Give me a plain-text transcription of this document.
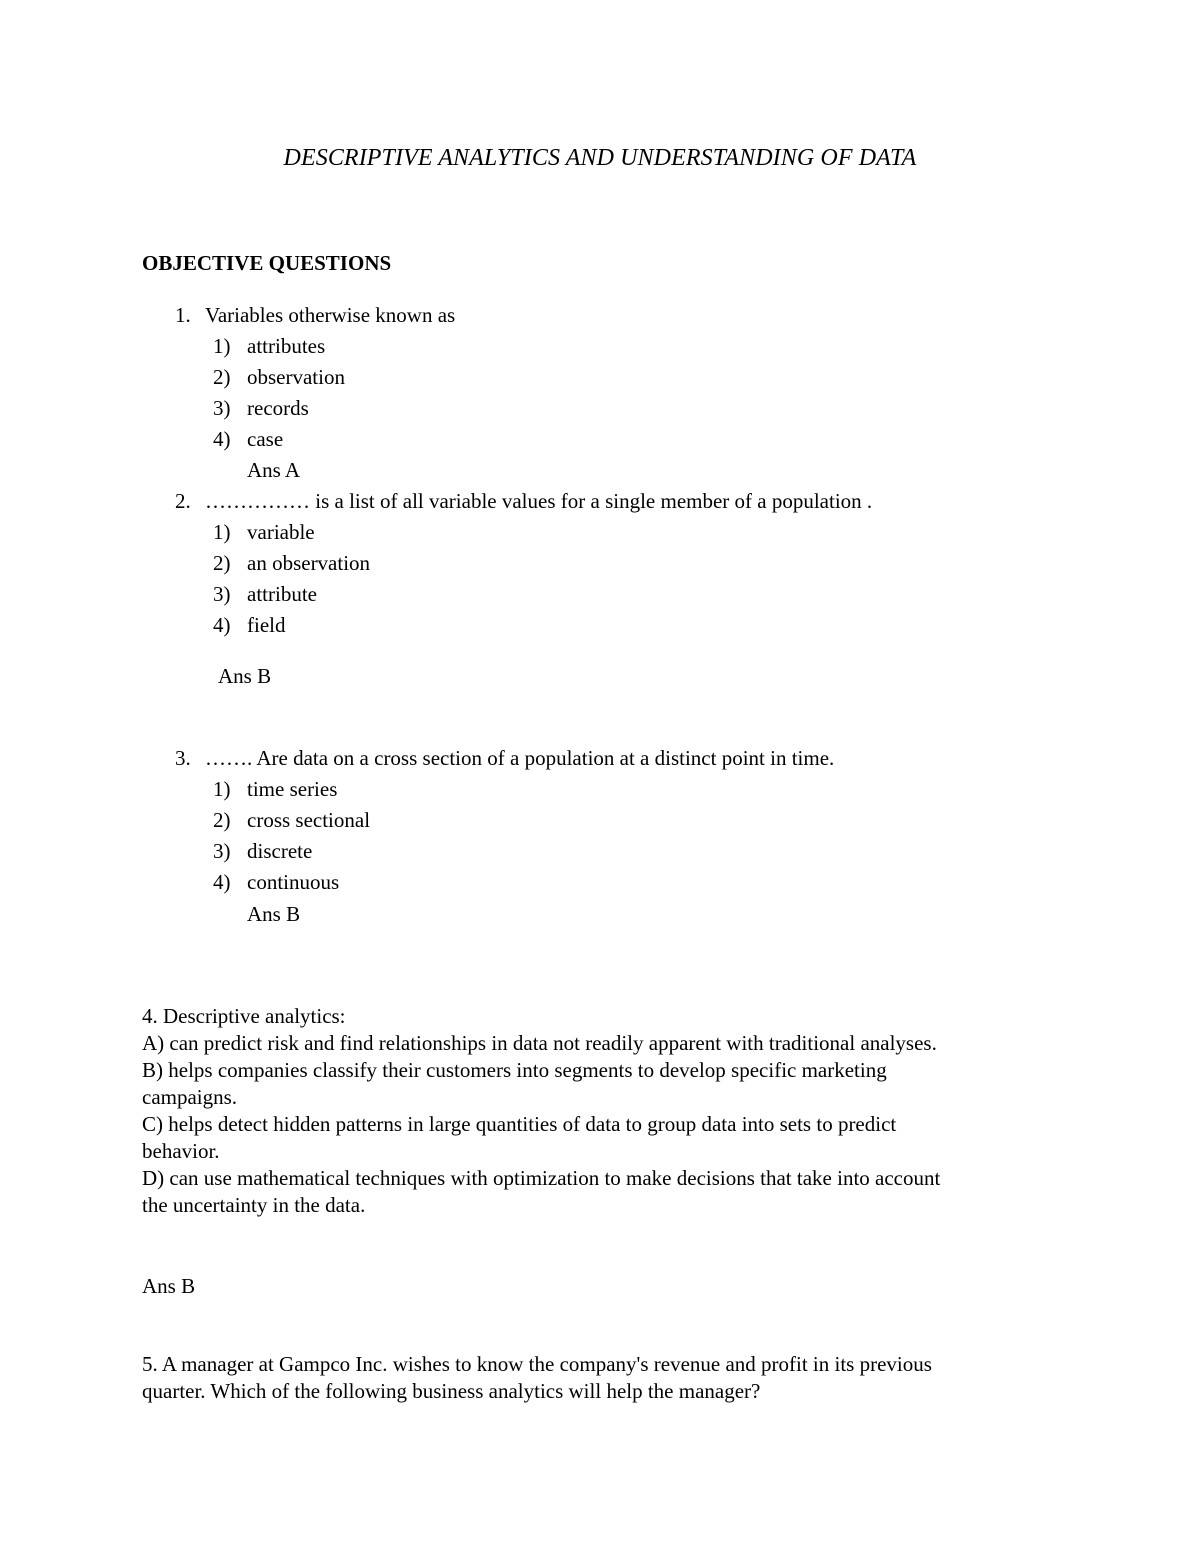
DESCRIPTIVE ANALYTICS AND UNDERSTANDING OF DATA
OBJECTIVE QUESTIONS
1. Variables otherwise known as
1) attributes
2) observation
3) records
4) case
Ans A
2. …………… is a list of all variable values for a single member of a population .
1) variable
2) an observation
3) attribute
4) field
Ans B
3. ……. Are data on a cross section of a population at a distinct point in time.
1) time series
2) cross sectional
3) discrete
4) continuous
Ans B
4. Descriptive analytics:
A) can predict risk and find relationships in data not readily apparent with traditional analyses.
B) helps companies classify their customers into segments to develop specific marketing
campaigns.
C) helps detect hidden patterns in large quantities of data to group data into sets to predict
behavior.
D) can use mathematical techniques with optimization to make decisions that take into account
the uncertainty in the data.
Ans B
5. A manager at Gampco Inc. wishes to know the company's revenue and profit in its previous
quarter. Which of the following business analytics will help the manager?
